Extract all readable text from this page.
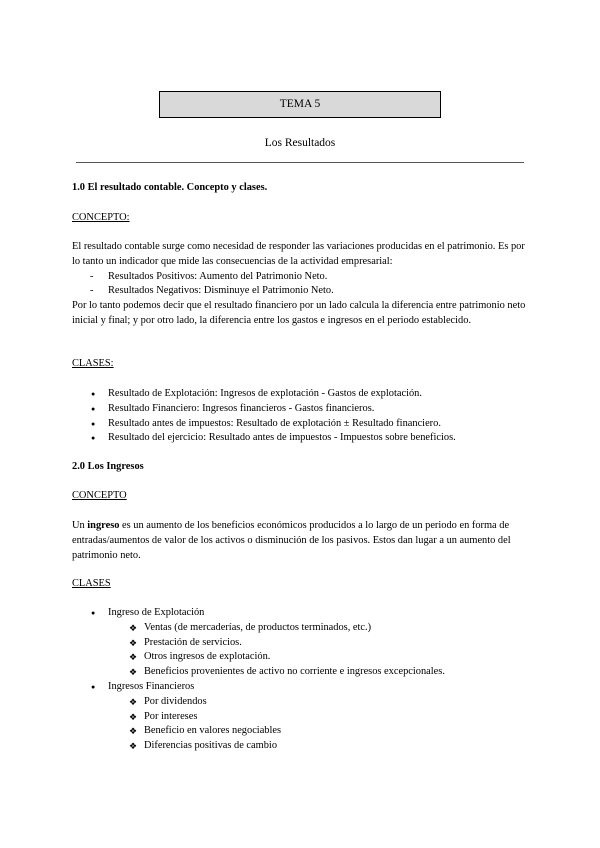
TEMA 5
Los Resultados
1.0 El resultado contable. Concepto y clases.
CONCEPTO:

El resultado contable surge como necesidad de responder las variaciones producidas en el patrimonio. Es por lo tanto un indicador que mide las consecuencias de la actividad empresarial:

- Resultados Positivos: Aumento del Patrimonio Neto.
- Resultados Negativos: Disminuye el Patrimonio Neto.

Por lo tanto podemos decir que el resultado financiero por un lado calcula la diferencia entre patrimonio neto inicial y final; y por otro lado, la diferencia entre los gastos e ingresos en el periodo establecido.

CLASES:
● Resultado de Explotación: Ingresos de explotación - Gastos de explotación.
● Resultado Financiero: Ingresos financieros - Gastos financieros.
● Resultado antes de impuestos: Resultado de explotación ± Resultado financiero.
● Resultado del ejercicio: Resultado antes de impuestos - Impuestos sobre beneficios.
2.0 Los Ingresos
CONCEPTO

Un ingreso es un aumento de los beneficios económicos producidos a lo largo de un periodo en forma de entradas/aumentos de valor de los activos o disminución de los pasivos. Estos dan lugar a un aumento del patrimonio neto.

CLASES
● Ingreso de Explotación
❖ Ventas (de mercaderías, de productos terminados, etc.)
❖ Prestación de servicios.
❖ Otros ingresos de explotación.
❖ Beneficios provenientes de activo no corriente e ingresos excepcionales.
● Ingresos Financieros
❖ Por dividendos
❖ Por intereses
❖ Beneficio en valores negociables
❖ Diferencias positivas de cambio
